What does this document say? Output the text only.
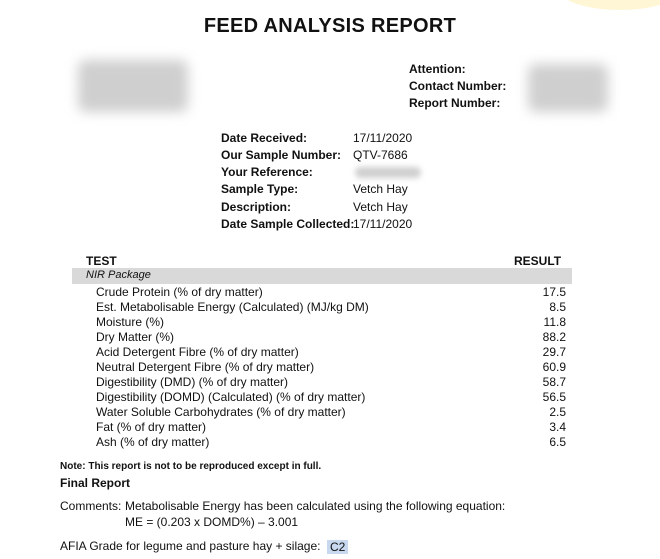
FEED ANALYSIS REPORT
Attention:
Contact Number:
Report Number:
Date Received:	17/11/2020
Our Sample Number: QTV-7686
Your Reference:
Sample Type:	Vetch Hay
Description:	Vetch Hay
Date Sample Collected:
17/11/2020
TEST	RESULT
NIR Package
Crude Protein (% of dry matter)	17.5
Est. Metabolisable Energy (Calculated) (MJ/kg DM)	8.5
Moisture (%)	11.8
Dry Matter (%)	88.2
Acid Detergent Fibre (% of dry matter)	29.7
Neutral Detergent Fibre (% of dry matter)	60.9
Digestibility (DMD) (% of dry matter)	58.7
Digestibility (DOMD) (Calculated) (% of dry matter)	56.5
Water Soluble Carbohydrates (% of dry matter)	2.5
Fat (% of dry matter)	3.4
Ash (% of dry matter)	6.5
Note: This report is not to be reproduced except in full.
Final Report
Comments: Metabolisable Energy has been calculated using the following equation:
ME = (0.203 x DOMD%) – 3.001
AFIA Grade for legume and pasture hay + silage: C2
